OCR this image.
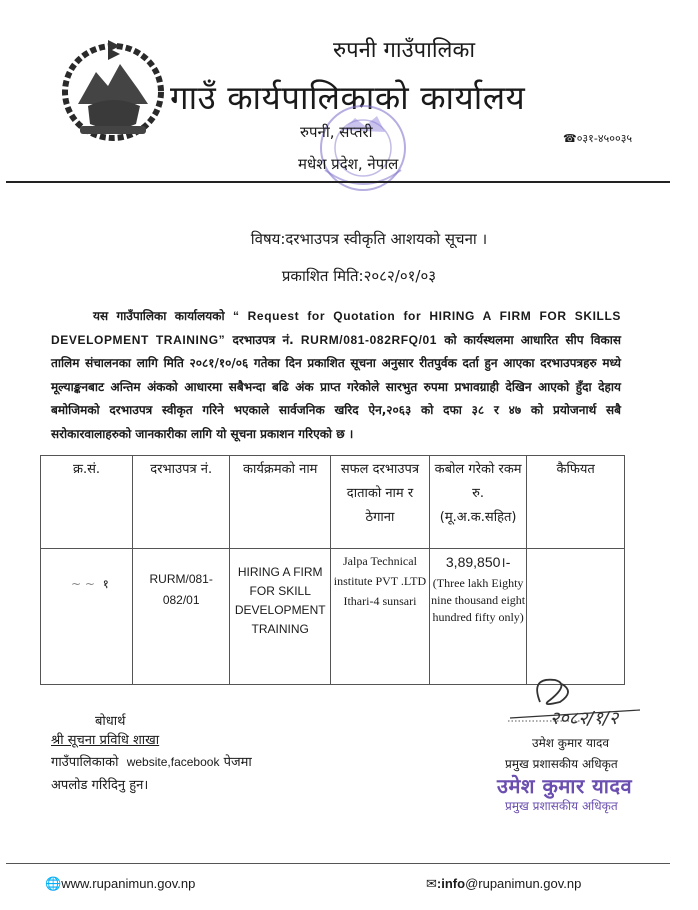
रुपनी गाउँपालिका
गाउँ कार्यपालिकाको कार्यालय
रुपनी, सप्तरी
मधेश प्रदेश, नेपाल
☎०३१-४५००३५
विषय:दरभाउपत्र स्वीकृति आशयको सूचना ।
प्रकाशित मिति:२०८२/०१/०३
यस गाउँपालिका कार्यालयको “ Request for Quotation for HIRING A FIRM FOR SKILLS DEVELOPMENT TRAINING” दरभाउपत्र नं. RURM/081-082RFQ/01 को कार्यस्थलमा आधारित सीप विकास तालिम संचालनका लागि मिति २०८१/१०/०६ गतेका दिन प्रकाशित सूचना अनुसार रीतपुर्वक दर्ता हुन आएका दरभाउपत्रहरु मध्ये मूल्याङ्कनबाट अन्तिम अंकको आधारमा सबैभन्दा बढि अंक प्राप्त गरेकोले सारभुत रुपमा प्रभावग्राही देखिन आएको हुँदा देहाय बमोजिमको दरभाउपत्र स्वीकृत गरिने भएकाले सार्वजनिक खरिद ऐन,२०६३ को दफा ३८ र ४७ को प्रयोजनार्थ सबै सरोकारवालाहरुको जानकारीका लागि यो सूचना प्रकाशन गरिएको छ ।
क्र.सं.	दरभाउपत्र नं.	कार्यक्रमको नाम	सफल दरभाउपत्र दाताको नाम र ठेगाना	कबोल गरेको रकम रु. (मू.अ.क.सहित)	कैफियत
~ ~  १	RURM/081-082/01	HIRING A FIRM FOR SKILL DEVELOPMENT TRAINING	Jalpa Technical institute PVT .LTD Ithari-4 sunsari	3,89,850।-
(Three lakh Eighty nine thousand eight hundred fifty only)	
बोधार्थ
श्री सूचना प्रविधि शाखा
गाउँपालिकाको website,facebook पेजमा
अपलोड गरिदिनु हुन।
२०८२/१/२
उमेश कुमार यादव
प्रमुख प्रशासकीय अधिकृत
उमेश कुमार यादव
प्रमुख प्रशासकीय अधिकृत
🌐www.rupanimun.gov.np	✉:info@rupanimun.gov.np
